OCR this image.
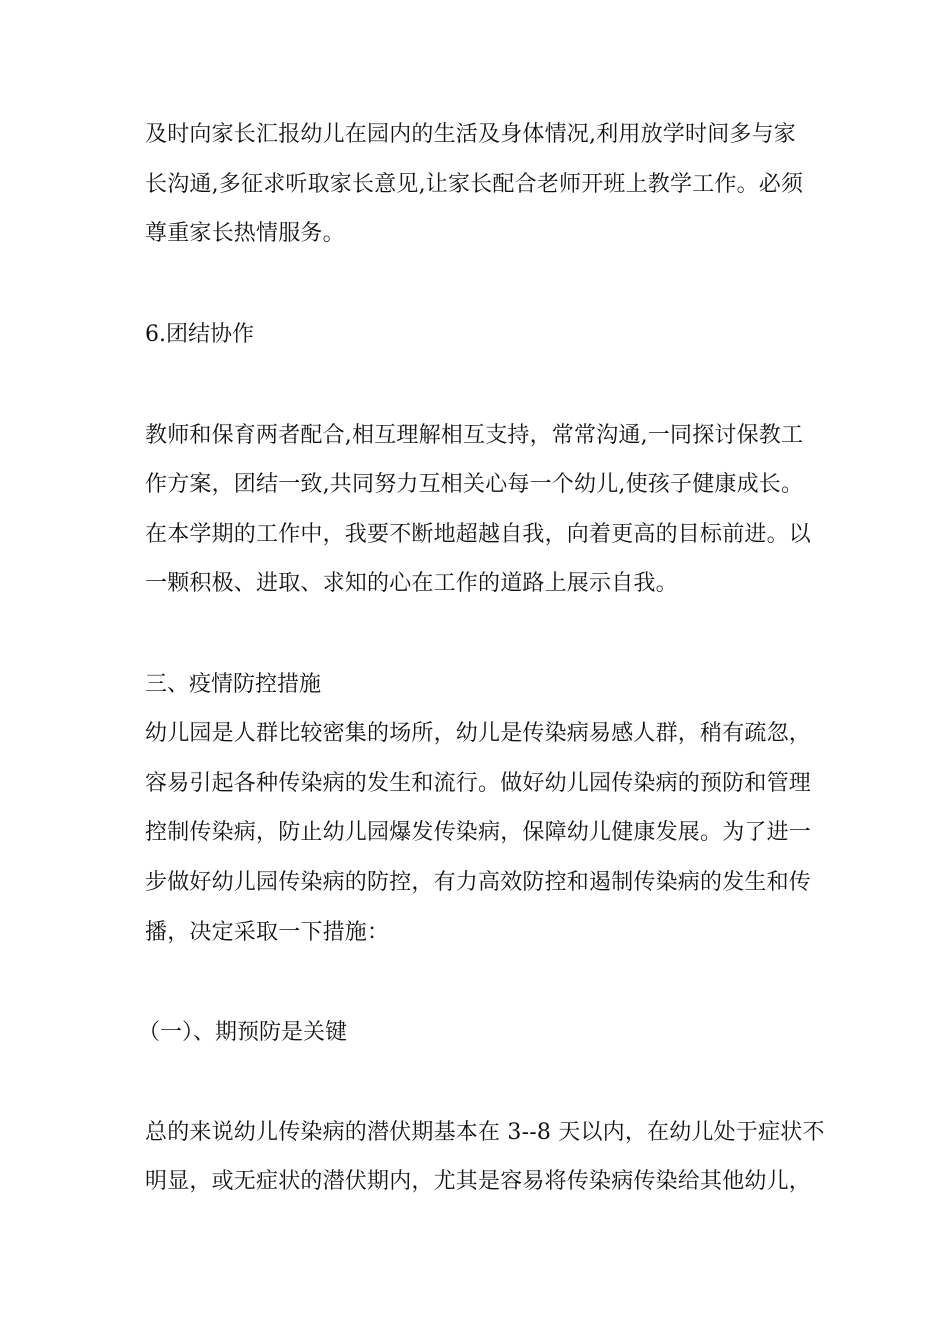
及时向家长汇报幼儿在园内的生活及身体情况,利用放学时间多与家
长沟通,多征求听取家长意见,让家长配合老师开班上教学工作。必须
尊重家长热情服务。
6.团结协作
教师和保育两者配合,相互理解相互支持，常常沟通,一同探讨保教工
作方案，团结一致,共同努力互相关心每一个幼儿,使孩子健康成长。
在本学期的工作中，我要不断地超越自我，向着更高的目标前进。以
一颗积极、进取、求知的心在工作的道路上展示自我。
三、疫情防控措施
幼儿园是人群比较密集的场所，幼儿是传染病易感人群，稍有疏忽，
容易引起各种传染病的发生和流行。做好幼儿园传染病的预防和管理
控制传染病，防止幼儿园爆发传染病，保障幼儿健康发展。为了进一
步做好幼儿园传染病的防控，有力高效防控和遏制传染病的发生和传
播，决定采取一下措施：
（一）、期预防是关键
总的来说幼儿传染病的潜伏期基本在 3--8 天以内，在幼儿处于症状不
明显，或无症状的潜伏期内，尤其是容易将传染病传染给其他幼儿，
